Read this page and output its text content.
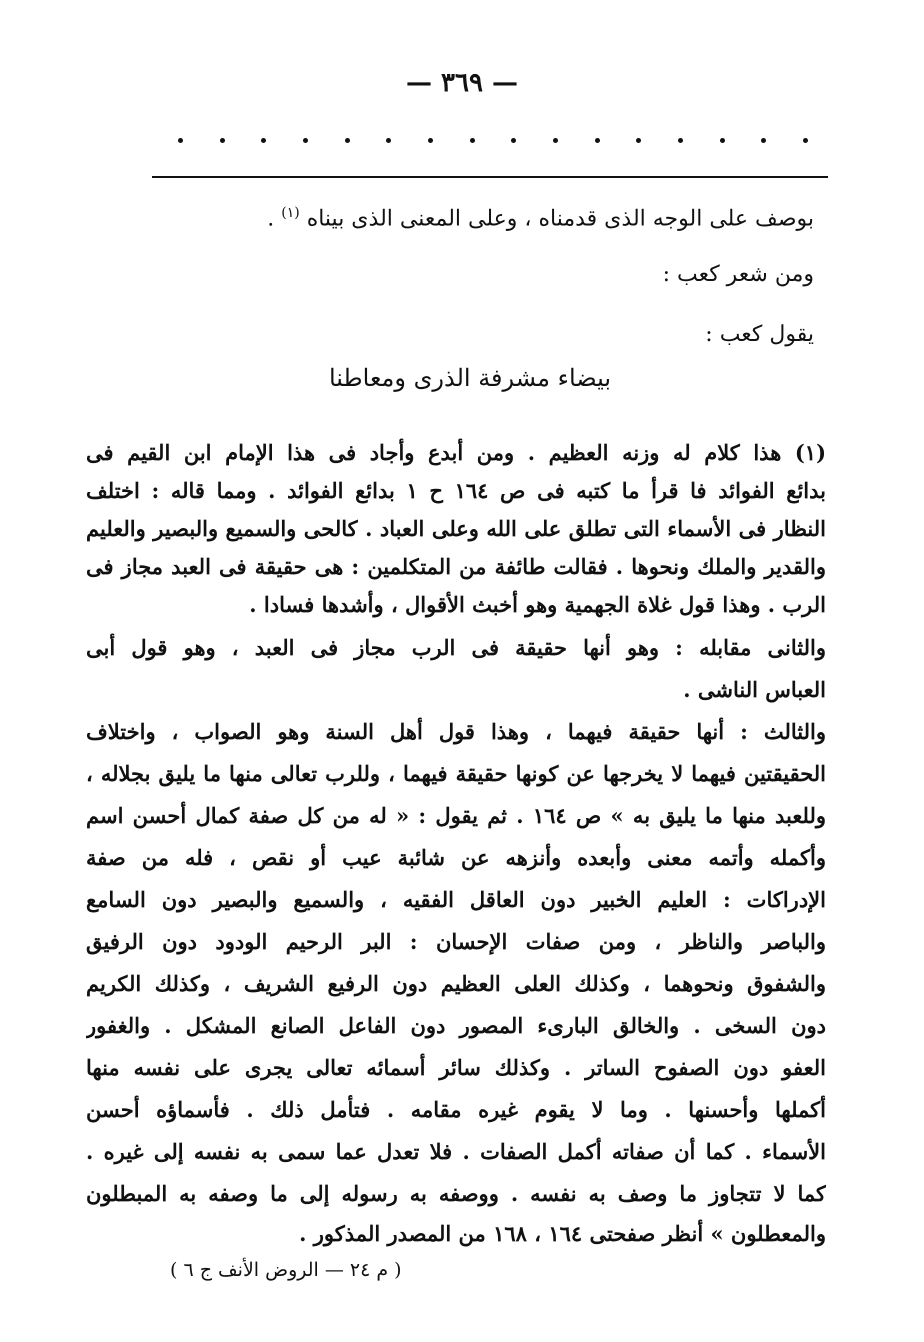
— ٣٦٩ —
بوصف على الوجه الذى قدمناه ، وعلى المعنى الذى بيناه $^{(١)}$ .
ومن شعر كعب :
يقول كعب :
بيضاء مشرفة الذرى ومعاطنا
(١) هذا كلام له وزنه العظيم . ومن أبدع وأجاد فى هذا الإمام ابن القيم فى
بدائع الفوائد فا قرأ ما كتبه فى ص ١٦٤ ح ١ بدائع الفوائد . ومما قاله : اختلف
النظار فى الأسماء التى تطلق على الله وعلى العباد . كالحى والسميع والبصير والعليم
والقدير والملك ونحوها . فقالت طائفة من المتكلمين : هى حقيقة فى العبد مجاز فى
الرب . وهذا قول غلاة الجهمية وهو أخبث الأقوال ، وأشدها فسادا .
والثانى مقابله : وهو أنها حقيقة فى الرب مجاز فى العبد ، وهو قول أبى
العباس الناشى .
والثالث : أنها حقيقة فيهما ، وهذا قول أهل السنة وهو الصواب ، واختلاف
الحقيقتين فيهما لا يخرجها عن كونها حقيقة فيهما ، وللرب تعالى منها ما يليق بجلاله ،
وللعبد منها ما يليق به » ص ١٦٤ . ثم يقول : « له من كل صفة كمال أحسن اسم
وأكمله وأتمه معنى وأبعده وأنزهه عن شائبة عيب أو نقص ، فله من صفة
الإدراكات : العليم الخبير دون العاقل الفقيه ، والسميع والبصير دون السامع
والباصر والناظر ، ومن صفات الإحسان : البر الرحيم الودود دون الرفيق
والشفوق ونحوهما ، وكذلك العلى العظيم دون الرفيع الشريف ، وكذلك الكريم
دون السخى . والخالق البارىء المصور دون الفاعل الصانع المشكل . والغفور
العفو دون الصفوح الساتر . وكذلك سائر أسمائه تعالى يجرى على نفسه منها
أكملها وأحسنها . وما لا يقوم غيره مقامه . فتأمل ذلك . فأسماؤه أحسن
الأسماء . كما أن صفاته أكمل الصفات . فلا تعدل عما سمى به نفسه إلى غيره .
كما لا تتجاوز ما وصف به نفسه . ووصفه به رسوله إلى ما وصفه به المبطلون
والمعطلون » أنظر صفحتى ١٦٤ ، ١٦٨ من المصدر المذكور .
( م ٢٤ — الروض الأنف ج ٦ )
